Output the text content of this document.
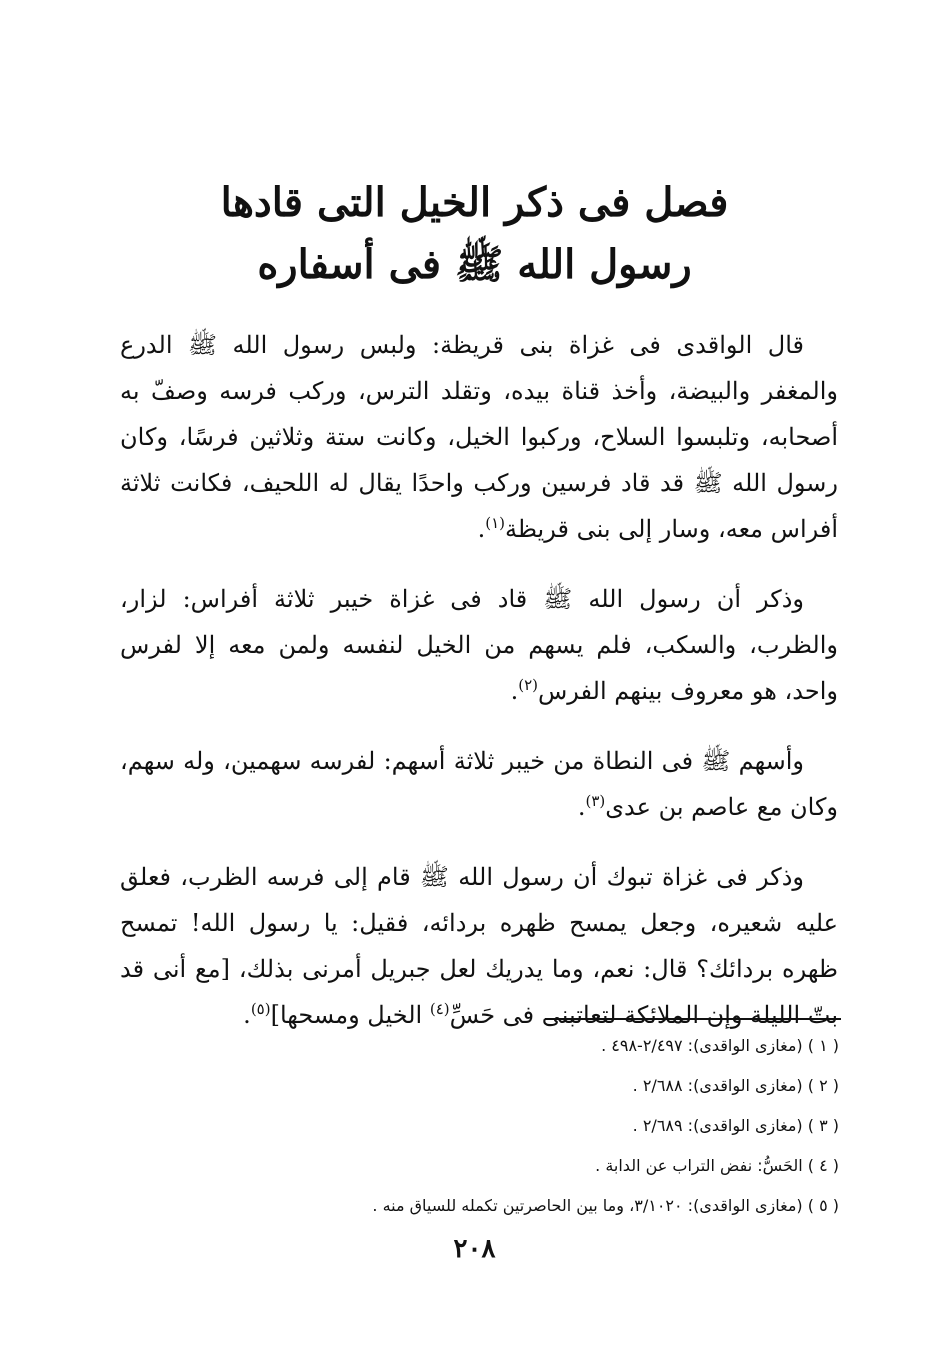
فصل فى ذكر الخيل التى قادها
رسول الله ﷺ فى أسفاره

قال الواقدى فى غزاة بنى قريظة: ولبس رسول الله ﷺ الدرع والمغفر والبيضة، وأخذ قناة بيده، وتقلد الترس، وركب فرسه وصفّ به أصحابه، وتلبسوا السلاح، وركبوا الخيل، وكانت ستة وثلاثين فرسًا، وكان رسول الله ﷺ قد قاد فرسين وركب واحدًا يقال له اللحيف، فكانت ثلاثة أفراس معه، وسار إلى بنى قريظة$^{(١)}$.

وذكر أن رسول الله ﷺ قاد فى غزاة خيبر ثلاثة أفراس: لزار، والظرب، والسكب، فلم يسهم من الخيل لنفسه ولمن معه إلا لفرس واحد، هو معروف بينهم الفرس$^{(٢)}$.

وأسهم ﷺ فى النطاة من خيبر ثلاثة أسهم: لفرسه سهمين، وله سهم، وكان مع عاصم بن عدى$^{(٣)}$.

وذكر فى غزاة تبوك أن رسول الله ﷺ قام إلى فرسه الظرب، فعلق عليه شعيره، وجعل يمسح ظهره بردائه، فقيل: يا رسول الله! تمسح ظهره بردائك؟ قال: نعم، وما يدريك لعل جبريل أمرنى بذلك، [مع أنى قد بتّ الليلة وإن الملائكة لتعاتبنى فى حَسِّ$^{(٤)}$ الخيل ومسحها]$^{(٥)}$.

( ١ ) (مغازى الواقدى): ٢/٤٩٧-٤٩٨ .
( ٢ ) (مغازى الواقدى): ٢/٦٨٨ .
( ٣ ) (مغازى الواقدى): ٢/٦٨٩ .
( ٤ ) الحَسُّ: نفض التراب عن الدابة .
( ٥ ) (مغازى الواقدى): ٣/١٠٢٠، وما بين الحاصرتين تكمله للسياق منه .
٢٠٨
